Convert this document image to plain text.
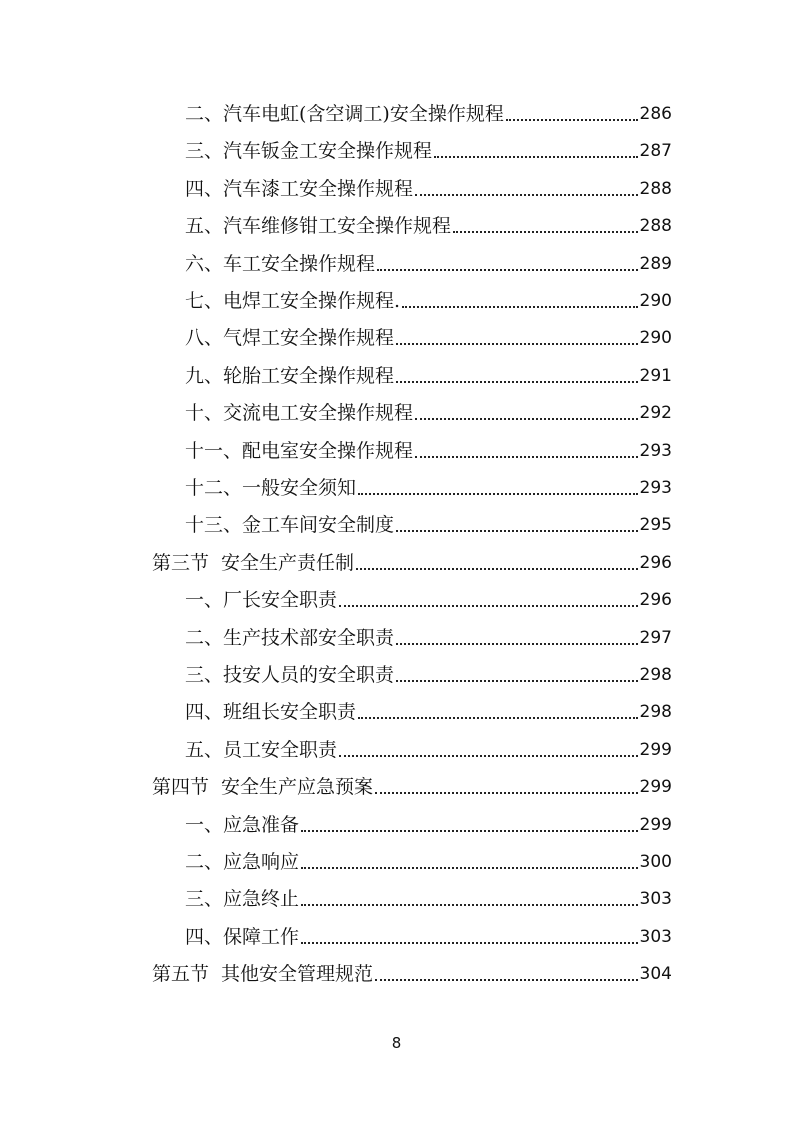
二、汽车电虹(含空调工)安全操作规程	286
三、汽车钣金工安全操作规程	287
四、汽车漆工安全操作规程	288
五、汽车维修钳工安全操作规程	288
六、车工安全操作规程	289
七、电焊工安全操作规程.	290
八、气焊工安全操作规程	290
九、轮胎工安全操作规程	291
十、交流电工安全操作规程	292
十一、配电室安全操作规程	293
十二、一般安全须知	293
十三、金工车间安全制度	295
第三节 安全生产责任制	296
一、厂长安全职责	296
二、生产技术部安全职责	297
三、技安人员的安全职责	298
四、班组长安全职责	298
五、员工安全职责	299
第四节 安全生产应急预案	299
一、应急准备	299
二、应急响应	300
三、应急终止	303
四、保障工作	303
第五节 其他安全管理规范	304
8
